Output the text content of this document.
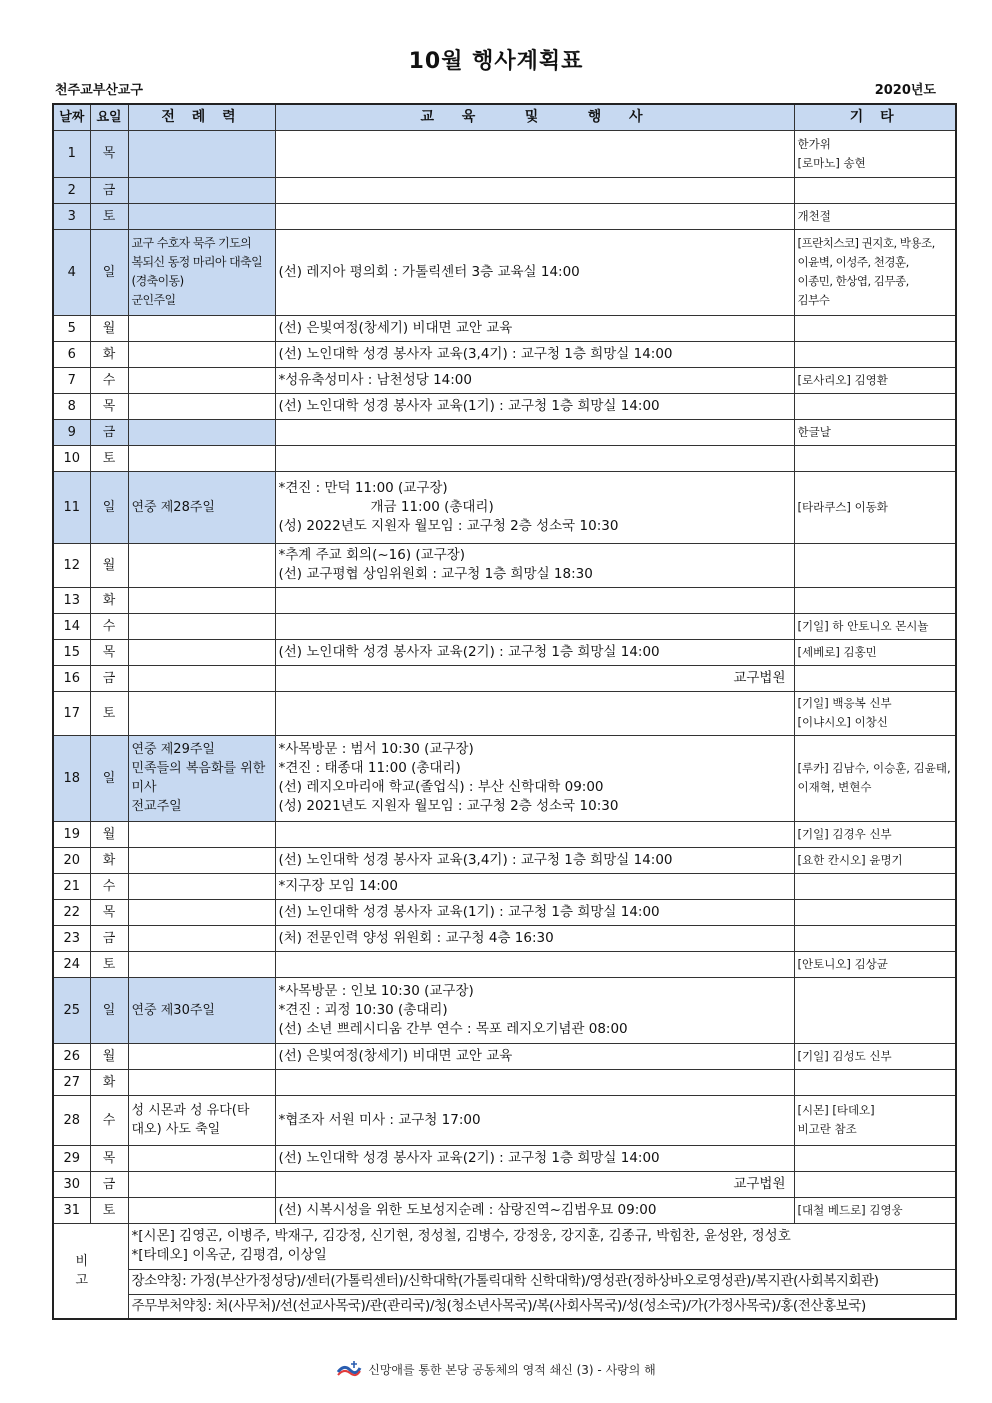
10월 행사계획표
천주교부산교구	2020년도
날짜	요일	전 례 력	교  육    및    행  사	기 타
1	목			한가위
[로마노] 송현

2	금			
3	토			개천절

4	일	교구 수호자 묵주 기도의
복되신 동정 마리아 대축일
(경축이동)
군인주일	(선) 레지아 평의회 : 가톨릭센터 3층 교육실 14:00	[프란치스코] 권지호, 박용조,
이윤벽, 이성주, 천경훈,
이종민, 한상엽, 김무종,
김부수

5	월		(선) 은빛여정(창세기) 비대면 교안 교육	

6	화		(선) 노인대학 성경 봉사자 교육(3,4기) : 교구청 1층 희망실 14:00	

7	수		*성유축성미사 : 남천성당 14:00	[로사리오] 김영환

8	목		(선) 노인대학 성경 봉사자 교육(1기) : 교구청 1층 희망실 14:00	

9	금			한글날

10	토			
11	일	연중 제28주일	*견진 : 만덕 11:00 (교구장)
개금 11:00 (총대리)
(성) 2022년도 지원자 월모임 : 교구청 2층 성소국 10:30	[타라쿠스] 이동화

12	월		*추계 주교 회의(~16) (교구장)
(선) 교구평협 상임위원회 : 교구청 1층 희망실 18:30	

13	화			
14	수			[기일] 하 안토니오 몬시뇰

15	목		(선) 노인대학 성경 봉사자 교육(2기) : 교구청 1층 희망실 14:00	[세베로] 김홍민

16	금		교구법원	

17	토			[기일] 백응복 신부
[이냐시오] 이창신

18	일	연중 제29주일
민족들의 복음화를 위한
미사
전교주일	*사목방문 : 범서 10:30 (교구장)
*견진 : 태종대 11:00 (총대리)
(선) 레지오마리애 학교(졸업식) : 부산 신학대학 09:00
(성) 2021년도 지원자 월모임 : 교구청 2층 성소국 10:30	[루카] 김남수, 이승훈, 김윤태,
이재혁, 변현수

19	월			[기일] 김경우 신부

20	화		(선) 노인대학 성경 봉사자 교육(3,4기) : 교구청 1층 희망실 14:00	[요한 칸시오] 윤명기

21	수		*지구장 모임 14:00	

22	목		(선) 노인대학 성경 봉사자 교육(1기) : 교구청 1층 희망실 14:00	

23	금		(처) 전문인력 양성 위원회 : 교구청 4층 16:30	

24	토			[안토니오] 김상균

25	일	연중 제30주일	*사목방문 : 인보 10:30 (교구장)
*견진 : 괴정 10:30 (총대리)
(선) 소년 쁘레시디움 간부 연수 : 목포 레지오기념관 08:00	

26	월		(선) 은빛여정(창세기) 비대면 교안 교육	[기일] 김성도 신부

27	화			
28	수	성 시몬과 성 유다(타
대오) 사도 축일	*협조자 서원 미사 : 교구청 17:00	[시몬] [타데오]
비고란 참조

29	목		(선) 노인대학 성경 봉사자 교육(2기) : 교구청 1층 희망실 14:00	

30	금		교구법원	

31	토		(선) 시복시성을 위한 도보성지순례 : 삼랑진역~김범우묘 09:00	[대철 베드로] 김영웅

비 고		*[시몬] 김영곤, 이병주, 박재구, 김강정, 신기현, 정성철, 김병수, 강정웅, 강지훈, 김종규, 박힘찬, 윤성완, 정성호
*[타데오] 이옥군, 김평겸, 이상일		

		장소약칭: 가정(부산가정성당)/센터(가톨릭센터)/신학대학(가톨릭대학 신학대학)/영성관(정하상바오로영성관)/복지관(사회복지회관)		
		주무부처약칭: 처(사무처)/선(선교사목국)/관(관리국)/청(청소년사목국)/복(사회사목국)/성(성소국)/가(가정사목국)/홍(전산홍보국)		
신망애를 통한 본당 공동체의 영적 쇄신 (3) - 사랑의 해
